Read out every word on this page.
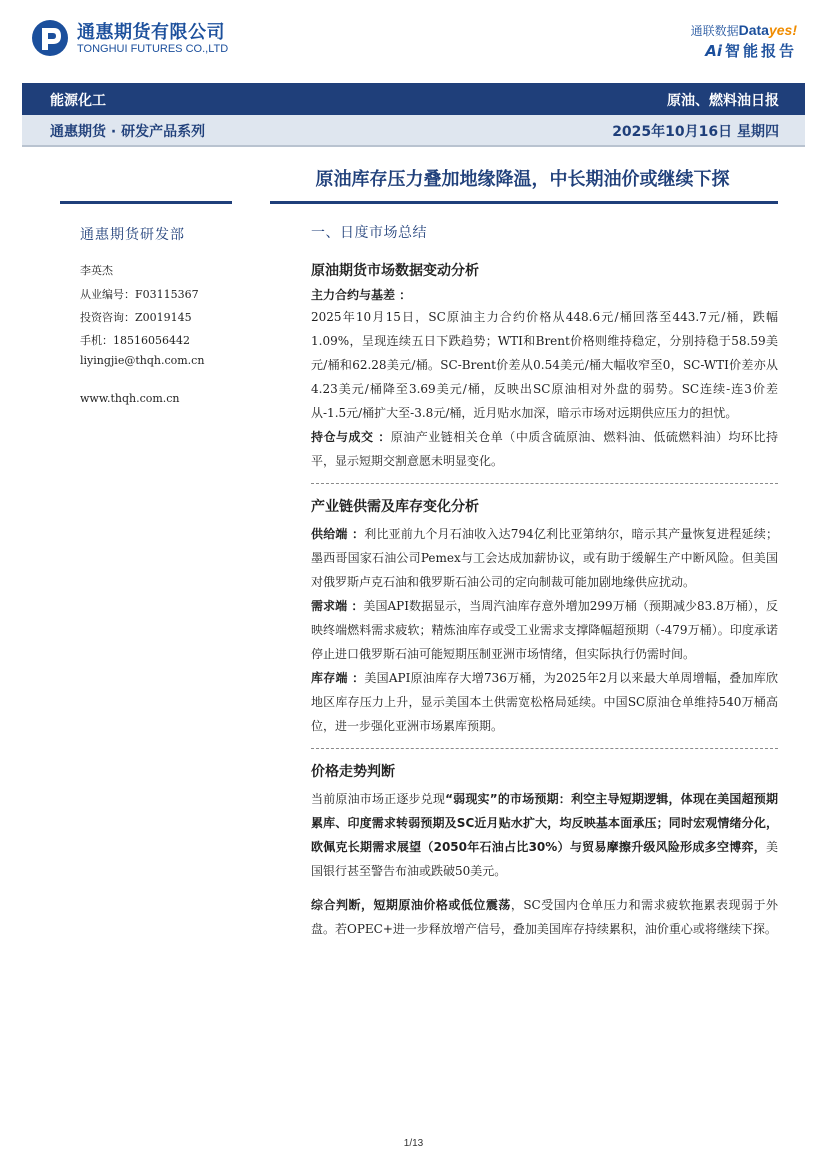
通惠期货有限公司
TONGHUI FUTURES CO.,LTD
通联数据Datayes!
Ai 智能报告
能源化工	原油、燃料油日报
通惠期货 · 研发产品系列	2025年10月16日 星期四
原油库存压力叠加地缘降温，中长期油价或继续下探
通惠期货研发部
李英杰
从业编号：F03115367
投资咨询：Z0019145
手机：18516056442
liyingjie@thqh.com.cn
www.thqh.com.cn
一、日度市场总结
原油期货市场数据变动分析
主力合约与基差 ：

2025年10月15日，SC原油主力合约价格从448.6元/桶回落至443.7元/桶，跌幅1.09%，呈现连续五日下跌趋势；WTI和Brent价格则维持稳定，分别持稳于58.59美元/桶和62.28美元/桶。SC-Brent价差从0.54美元/桶大幅收窄至0，SC-WTI价差亦从4.23美元/桶降至3.69美元/桶，反映出SC原油相对外盘的弱势。SC连续-连3价差从-1.5元/桶扩大至-3.8元/桶，近月贴水加深，暗示市场对远期供应压力的担忧。

持仓与成交 ：原油产业链相关仓单（中质含硫原油、燃料油、低硫燃料油）均环比持平，显示短期交割意愿未明显变化。

产业链供需及库存变化分析

供给端 ：利比亚前九个月石油收入达794亿利比亚第纳尔，暗示其产量恢复进程延续；墨西哥国家石油公司Pemex与工会达成加薪协议，或有助于缓解生产中断风险。但美国对俄罗斯卢克石油和俄罗斯石油公司的定向制裁可能加剧地缘供应扰动。

需求端 ：美国API数据显示，当周汽油库存意外增加299万桶（预期减少83.8万桶），反映终端燃料需求疲软；精炼油库存或受工业需求支撑降幅超预期（-479万桶）。印度承诺停止进口俄罗斯石油可能短期压制亚洲市场情绪，但实际执行仍需时间。

库存端 ：美国API原油库存大增736万桶，为2025年2月以来最大单周增幅，叠加库欣地区库存压力上升，显示美国本土供需宽松格局延续。中国SC原油仓单维持540万桶高位，进一步强化亚洲市场累库预期。

价格走势判断

当前原油市场正逐步兑现“弱现实”的市场预期：利空主导短期逻辑，体现在美国超预期累库、印度需求转弱预期及SC近月贴水扩大，均反映基本面承压；同时宏观情绪分化，欧佩克长期需求展望（2050年石油占比30%）与贸易摩擦升级风险形成多空博弈，美国银行甚至警告布油或跌破50美元。

综合判断，短期原油价格或低位震荡，SC受国内仓单压力和需求疲软拖累表现弱于外盘。若OPEC+进一步释放增产信号，叠加美国库存持续累积，油价重心或将继续下探。

1/13
